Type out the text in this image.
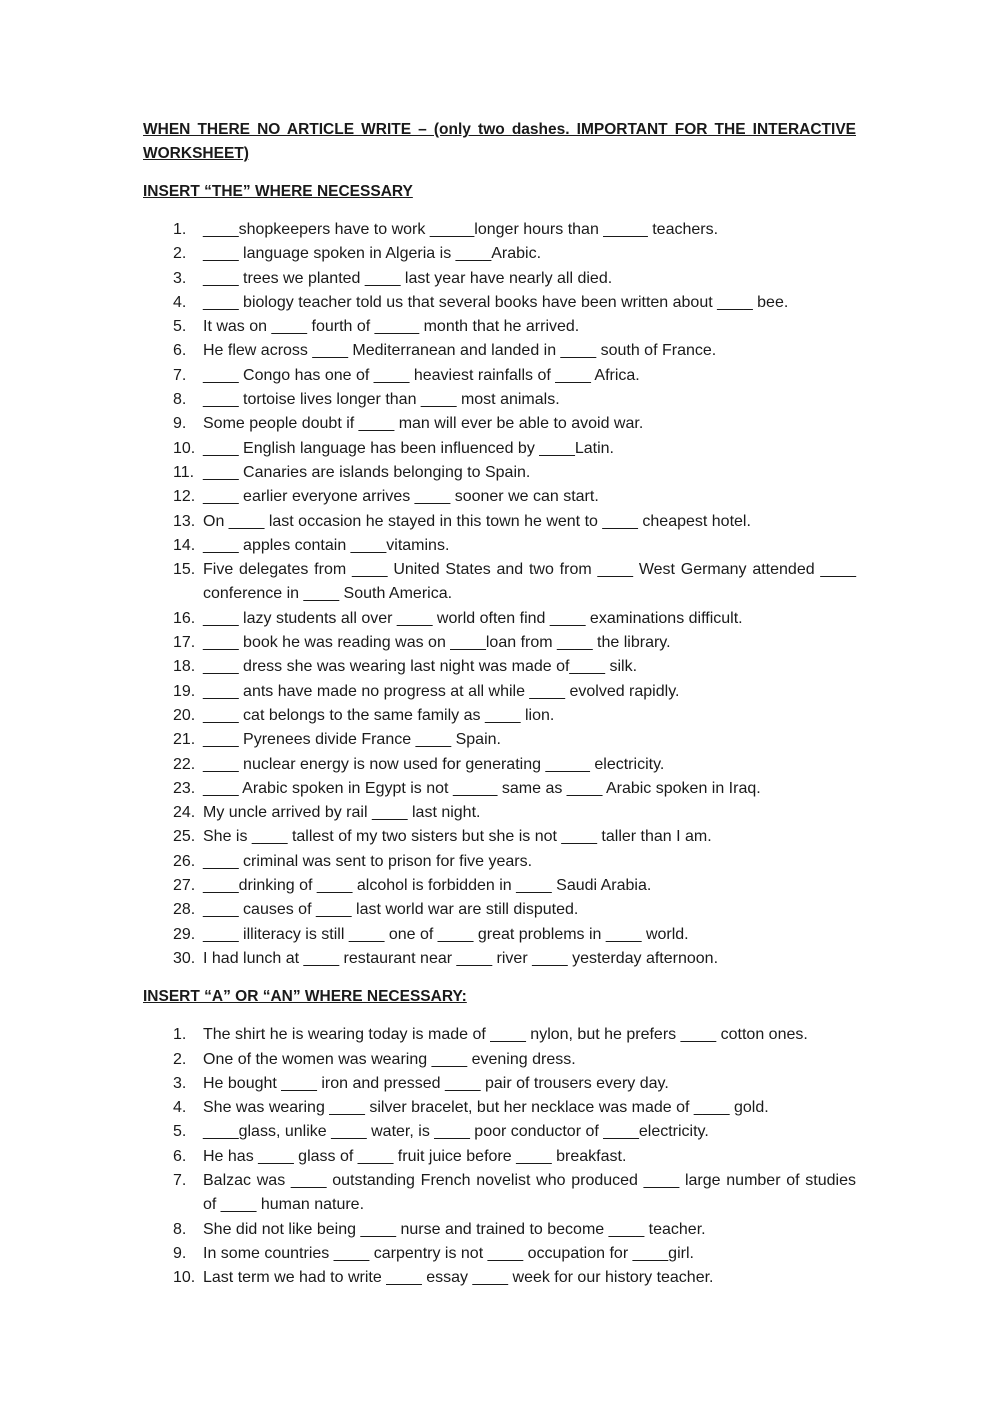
WHEN THERE NO ARTICLE WRITE – (only two dashes. IMPORTANT FOR THE INTERACTIVE WORKSHEET)

INSERT “THE” WHERE NECESSARY

1.	____shopkeepers have to work _____longer hours than _____ teachers.
2.	____ language spoken in Algeria is ____Arabic.
3.	____ trees we planted ____ last year have nearly all died.
4.	____ biology teacher told us that several books have been written about ____ bee.
5.	It was on ____ fourth of _____ month that he arrived.
6.	He flew across ____ Mediterranean and landed in ____ south of France.
7.	____ Congo has one of ____ heaviest rainfalls of ____ Africa.
8.	____ tortoise lives longer than ____ most animals.
9.	Some people doubt if ____ man will ever be able to avoid war.
10. ____ English language has been influenced by ____Latin.
11. ____ Canaries are islands belonging to Spain.
12. ____ earlier everyone arrives ____ sooner we can start.
13. On ____ last occasion he stayed in this town he went to ____ cheapest hotel.
14. ____ apples contain ____vitamins.
15. Five delegates from ____ United States and two from ____ West Germany attended ____ conference in ____ South America.
16. ____ lazy students all over ____ world often find ____ examinations difficult.
17. ____ book he was reading was on ____loan from ____ the library.
18. ____ dress she was wearing last night was made of____ silk.
19. ____ ants have made no progress at all while ____ evolved rapidly.
20. ____ cat belongs to the same family as ____ lion.
21. ____ Pyrenees divide France ____ Spain.
22. ____ nuclear energy is now used for generating _____ electricity.
23. ____ Arabic spoken in Egypt is not _____ same as ____ Arabic spoken in Iraq.
24. My uncle arrived by rail ____ last night.
25. She is ____ tallest of my two sisters but she is not ____ taller than I am.
26. ____ criminal was sent to prison for five years.
27. ____drinking of ____ alcohol is forbidden in ____ Saudi Arabia.
28. ____ causes of ____ last world war are still disputed.
29. ____ illiteracy is still ____ one of ____ great problems in ____ world.
30. I had lunch at ____ restaurant near ____ river ____ yesterday afternoon.

INSERT “A” OR “AN” WHERE NECESSARY:

1.	The shirt he is wearing today is made of ____ nylon, but he prefers ____ cotton ones.
2.	One of the women was wearing ____ evening dress.
3.	He bought ____ iron and pressed ____ pair of trousers every day.
4.	She was wearing ____ silver bracelet, but her necklace was made of ____ gold.
5.	____glass, unlike ____ water, is ____ poor conductor of ____electricity.
6.	He has ____ glass of ____ fruit juice before ____ breakfast.
7.	Balzac was ____ outstanding French novelist who produced ____ large number of studies of ____ human nature.
8.	She did not like being ____ nurse and trained to become ____ teacher.
9.	In some countries ____ carpentry is not ____ occupation for ____girl.
10. Last term we had to write ____ essay ____ week for our history teacher.
